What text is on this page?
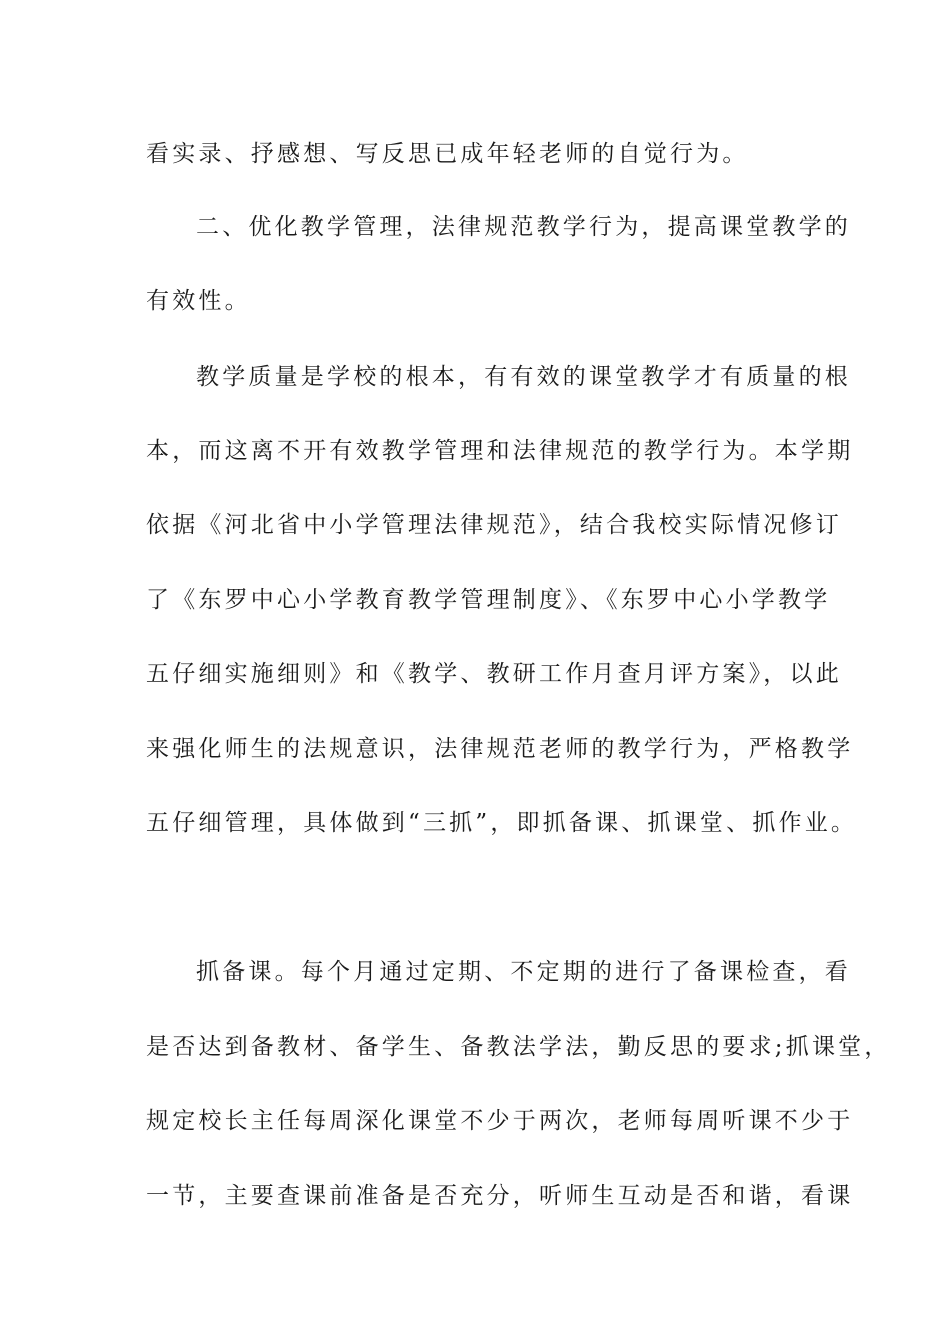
看实录、抒感想、写反思已成年轻老师的自觉行为。
二、优化教学管理，法律规范教学行为，提高课堂教学的
有效性。
教学质量是学校的根本，有有效的课堂教学才有质量的根
本，而这离不开有效教学管理和法律规范的教学行为。本学期
依据《河北省中小学管理法律规范》，结合我校实际情况修订
了《东罗中心小学教育教学管理制度》、《东罗中心小学教学
五仔细实施细则》和《教学、教研工作月查月评方案》，以此
来强化师生的法规意识，法律规范老师的教学行为，严格教学
五仔细管理，具体做到“三抓”，即抓备课、抓课堂、抓作业。
抓备课。每个月通过定期、不定期的进行了备课检查，看
是否达到备教材、备学生、备教法学法，勤反思的要求;抓课堂，
规定校长主任每周深化课堂不少于两次，老师每周听课不少于
一节，主要查课前准备是否充分，听师生互动是否和谐，看课
